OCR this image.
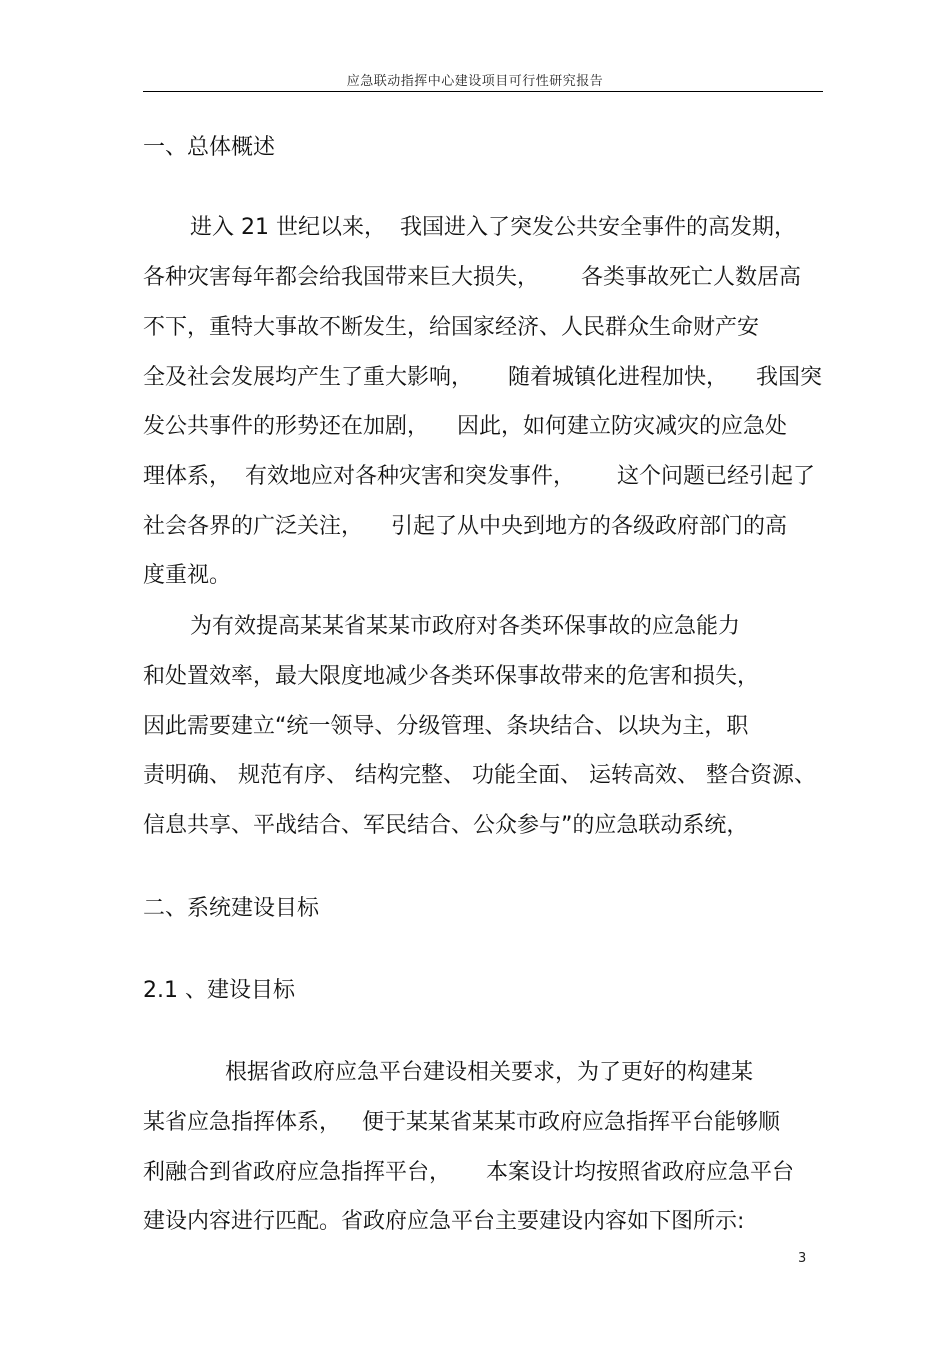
应急联动指挥中心建设项目可行性研究报告
一、总体概述
进入 21 世纪以来，  我国进入了突发公共安全事件的高发期，
各种灾害每年都会给我国带来巨大损失，      各类事故死亡人数居高
不下，重特大事故不断发生，给国家经济、人民群众生命财产安
全及社会发展均产生了重大影响，     随着城镇化进程加快，    我国突
发公共事件的形势还在加剧，    因此，如何建立防灾减灾的应急处
理体系，  有效地应对各种灾害和突发事件，      这个问题已经引起了
社会各界的广泛关注，    引起了从中央到地方的各级政府部门的高
度重视。
为有效提高某某省某某市政府对各类环保事故的应急能力
和处置效率，最大限度地减少各类环保事故带来的危害和损失，
因此需要建立“统一领导、分级管理、条块结合、以块为主，职
责明确、 规范有序、 结构完整、 功能全面、 运转高效、 整合资源、
信息共享、平战结合、军民结合、公众参与”的应急联动系统，
二、系统建设目标
2.1 、建设目标
根据省政府应急平台建设相关要求，为了更好的构建某
某省应急指挥体系，   便于某某省某某市政府应急指挥平台能够顺
利融合到省政府应急指挥平台，     本案设计均按照省政府应急平台
建设内容进行匹配。省政府应急平台主要建设内容如下图所示:
3
